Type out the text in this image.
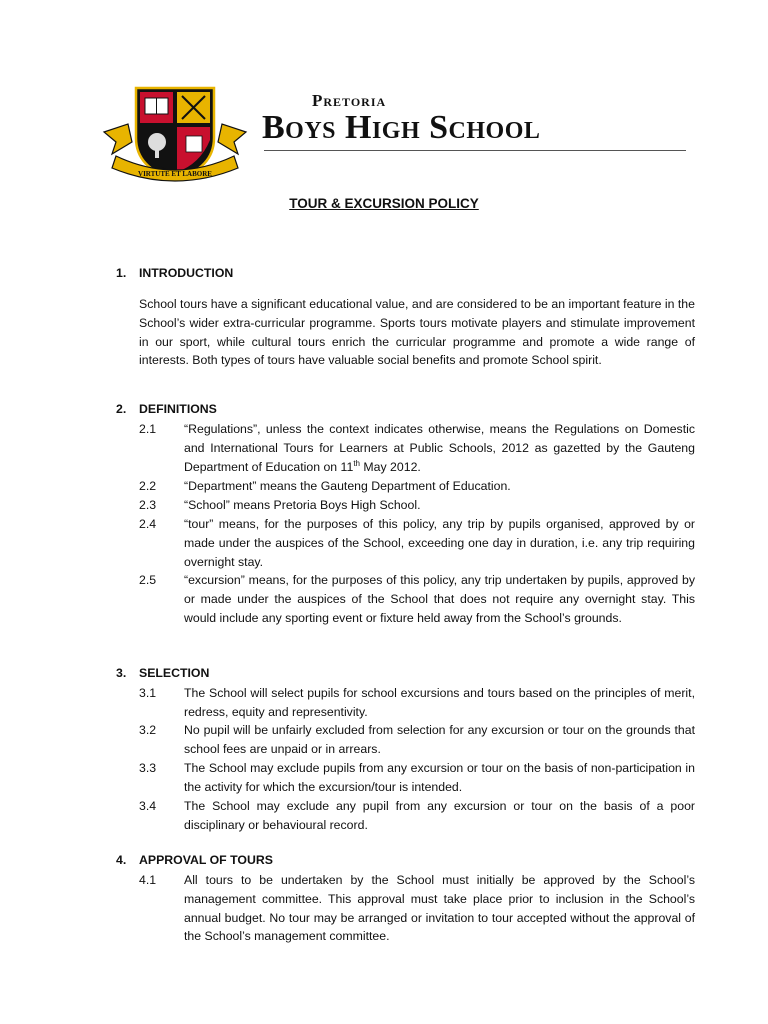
VIRTUTE ET LABORE
Pretoria
Boys High School
TOUR & EXCURSION POLICY
1. INTRODUCTION
School tours have a significant educational value, and are considered to be an important feature in the School’s wider extra-curricular programme. Sports tours motivate players and stimulate improvement in our sport, while cultural tours enrich the curricular programme and promote a wide range of interests. Both types of tours have valuable social benefits and promote School spirit.
2. DEFINITIONS
2.1 “Regulations”, unless the context indicates otherwise, means the Regulations on Domestic and International Tours for Learners at Public Schools, 2012 as gazetted by the Gauteng Department of Education on 11th May 2012.
2.2 “Department” means the Gauteng Department of Education.
2.3 “School” means Pretoria Boys High School.
2.4 “tour” means, for the purposes of this policy, any trip by pupils organised, approved by or made under the auspices of the School, exceeding one day in duration, i.e. any trip requiring overnight stay.
2.5 “excursion” means, for the purposes of this policy, any trip undertaken by pupils, approved by or made under the auspices of the School that does not require any overnight stay. This would include any sporting event or fixture held away from the School’s grounds.
3. SELECTION
3.1 The School will select pupils for school excursions and tours based on the principles of merit, redress, equity and representivity.
3.2 No pupil will be unfairly excluded from selection for any excursion or tour on the grounds that school fees are unpaid or in arrears.
3.3 The School may exclude pupils from any excursion or tour on the basis of non-participation in the activity for which the excursion/tour is intended.
3.4 The School may exclude any pupil from any excursion or tour on the basis of a poor disciplinary or behavioural record.
4. APPROVAL OF TOURS
4.1 All tours to be undertaken by the School must initially be approved by the School’s management committee. This approval must take place prior to inclusion in the School’s annual budget. No tour may be arranged or invitation to tour accepted without the approval of the School’s management committee.
